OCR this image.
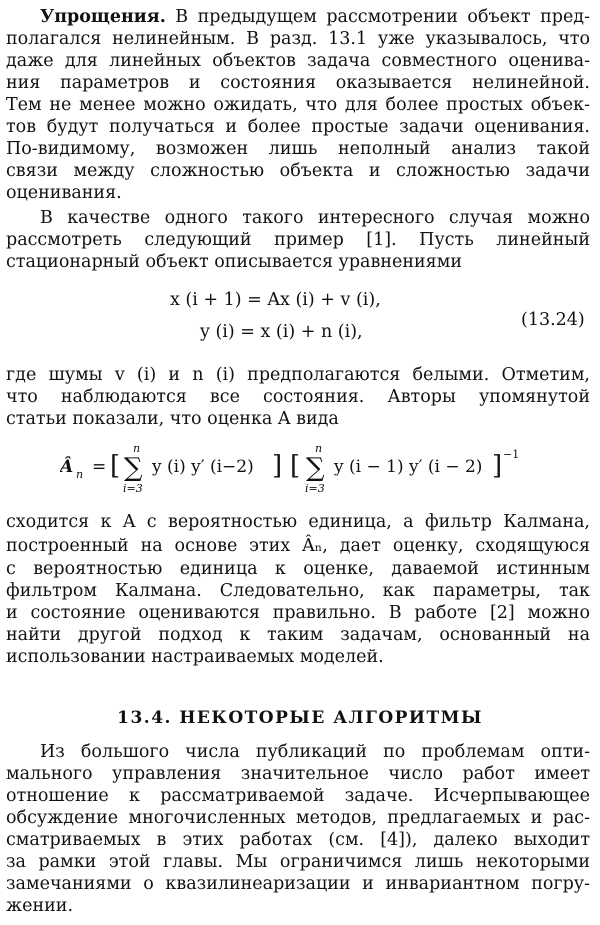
Упрощения. В предыдущем рассмотрении объект пред-
полагался нелинейным. В разд. 13.1 уже указывалось, что
даже для линейных объектов задача совместного оценива-
ния параметров и состояния оказывается нелинейной.
Тем не менее можно ожидать, что для более простых объек-
тов будут получаться и более простые задачи оценивания.
По-видимому, возможен лишь неполный анализ такой
связи между сложностью объекта и сложностью задачи
оценивания.
В качестве одного такого интересного случая можно
рассмотреть следующий пример [1]. Пусть линейный
стационарный объект описывается уравнениями
x (i + 1) = Ax (i) + v (i),
y (i) = x (i) + n (i),
(13.24)
где шумы v (i) и n (i) предполагаются белыми. Отметим,
что наблюдаются все состояния. Авторы упомянутой
статьи показали, что оценка A вида
Â n = [
n
∑
i=3
y (i) y′ (i−2) ] [
n
∑
i=3
y (i − 1) y′ (i − 2) ] −1
сходится к A с вероятностью единица, а фильтр Калмана,
построенный на основе этих Âₙ, дает оценку, сходящуюся
с вероятностью единица к оценке, даваемой истинным
фильтром Калмана. Следовательно, как параметры, так
и состояние оцениваются правильно. В работе [2] можно
найти другой подход к таким задачам, основанный на
использовании настраиваемых моделей.
13.4. НЕКОТОРЫЕ АЛГОРИТМЫ
Из большого числа публикаций по проблемам опти-
мального управления значительное число работ имеет
отношение к рассматриваемой задаче. Исчерпывающее
обсуждение многочисленных методов, предлагаемых и рас-
сматриваемых в этих работах (см. [4]), далеко выходит
за рамки этой главы. Мы ограничимся лишь некоторыми
замечаниями о квазилинеаризации и инвариантном погру-
жении.
